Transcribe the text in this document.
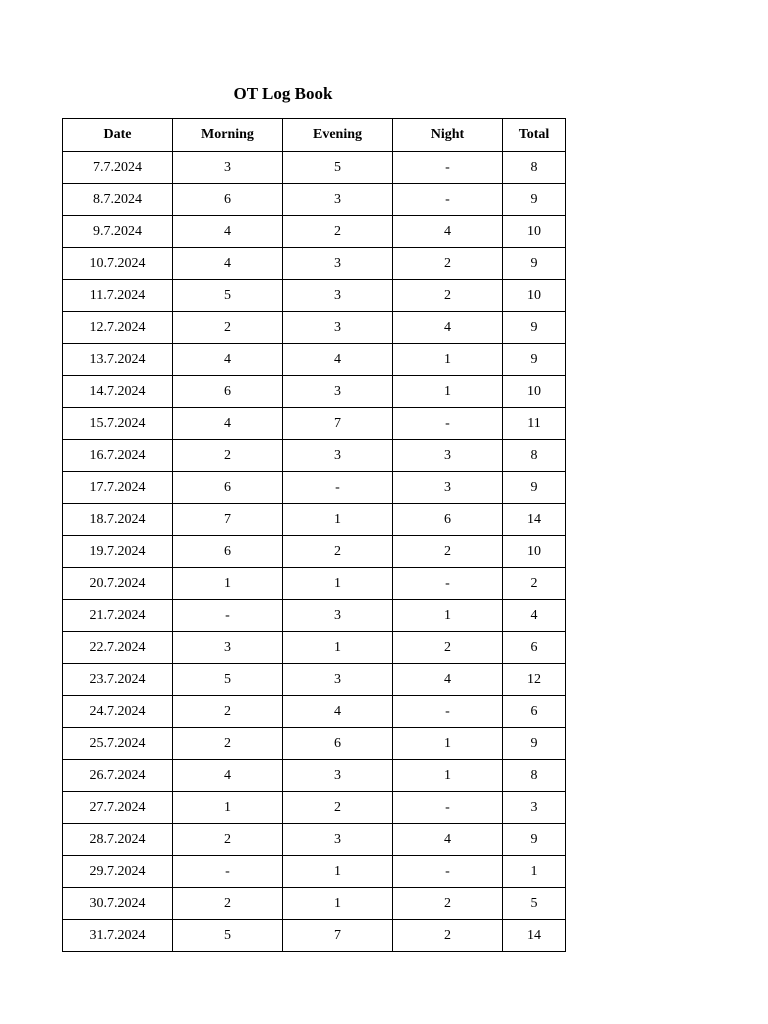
OT Log Book
Date	Morning	Evening	Night	Total
7.7.2024	3	5	-	8
8.7.2024	6	3	-	9
9.7.2024	4	2	4	10
10.7.2024	4	3	2	9
11.7.2024	5	3	2	10
12.7.2024	2	3	4	9
13.7.2024	4	4	1	9
14.7.2024	6	3	1	10
15.7.2024	4	7	-	11
16.7.2024	2	3	3	8
17.7.2024	6	-	3	9
18.7.2024	7	1	6	14
19.7.2024	6	2	2	10
20.7.2024	1	1	-	2
21.7.2024	-	3	1	4
22.7.2024	3	1	2	6
23.7.2024	5	3	4	12
24.7.2024	2	4	-	6
25.7.2024	2	6	1	9
26.7.2024	4	3	1	8
27.7.2024	1	2	-	3
28.7.2024	2	3	4	9
29.7.2024	-	1	-	1
30.7.2024	2	1	2	5
31.7.2024	5	7	2	14
